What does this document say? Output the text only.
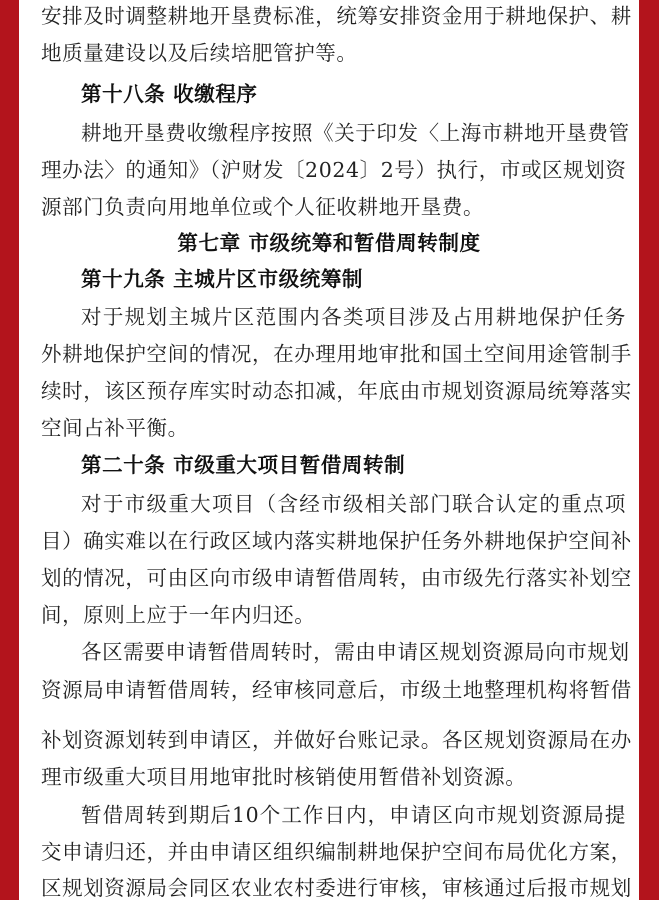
安排及时调整耕地开垦费标准，统筹安排资金用于耕地保护、耕
地质量建设以及后续培肥管护等。
第十八条 收缴程序
耕地开垦费收缴程序按照《关于印发〈上海市耕地开垦费管
理办法〉的通知》（沪财发〔2024〕2号）执行，市或区规划资
源部门负责向用地单位或个人征收耕地开垦费。
第七章 市级统筹和暂借周转制度
第十九条 主城片区市级统筹制
对于规划主城片区范围内各类项目涉及占用耕地保护任务
外耕地保护空间的情况，在办理用地审批和国土空间用途管制手
续时，该区预存库实时动态扣减，年底由市规划资源局统筹落实
空间占补平衡。
第二十条 市级重大项目暂借周转制
对于市级重大项目（含经市级相关部门联合认定的重点项
目）确实难以在行政区域内落实耕地保护任务外耕地保护空间补
划的情况，可由区向市级申请暂借周转，由市级先行落实补划空
间，原则上应于一年内归还。
各区需要申请暂借周转时，需由申请区规划资源局向市规划
资源局申请暂借周转，经审核同意后，市级土地整理机构将暂借
补划资源划转到申请区，并做好台账记录。各区规划资源局在办
理市级重大项目用地审批时核销使用暂借补划资源。
暂借周转到期后10个工作日内，申请区向市规划资源局提
交申请归还，并由申请区组织编制耕地保护空间布局优化方案，
区规划资源局会同区农业农村委进行审核，审核通过后报市规划
